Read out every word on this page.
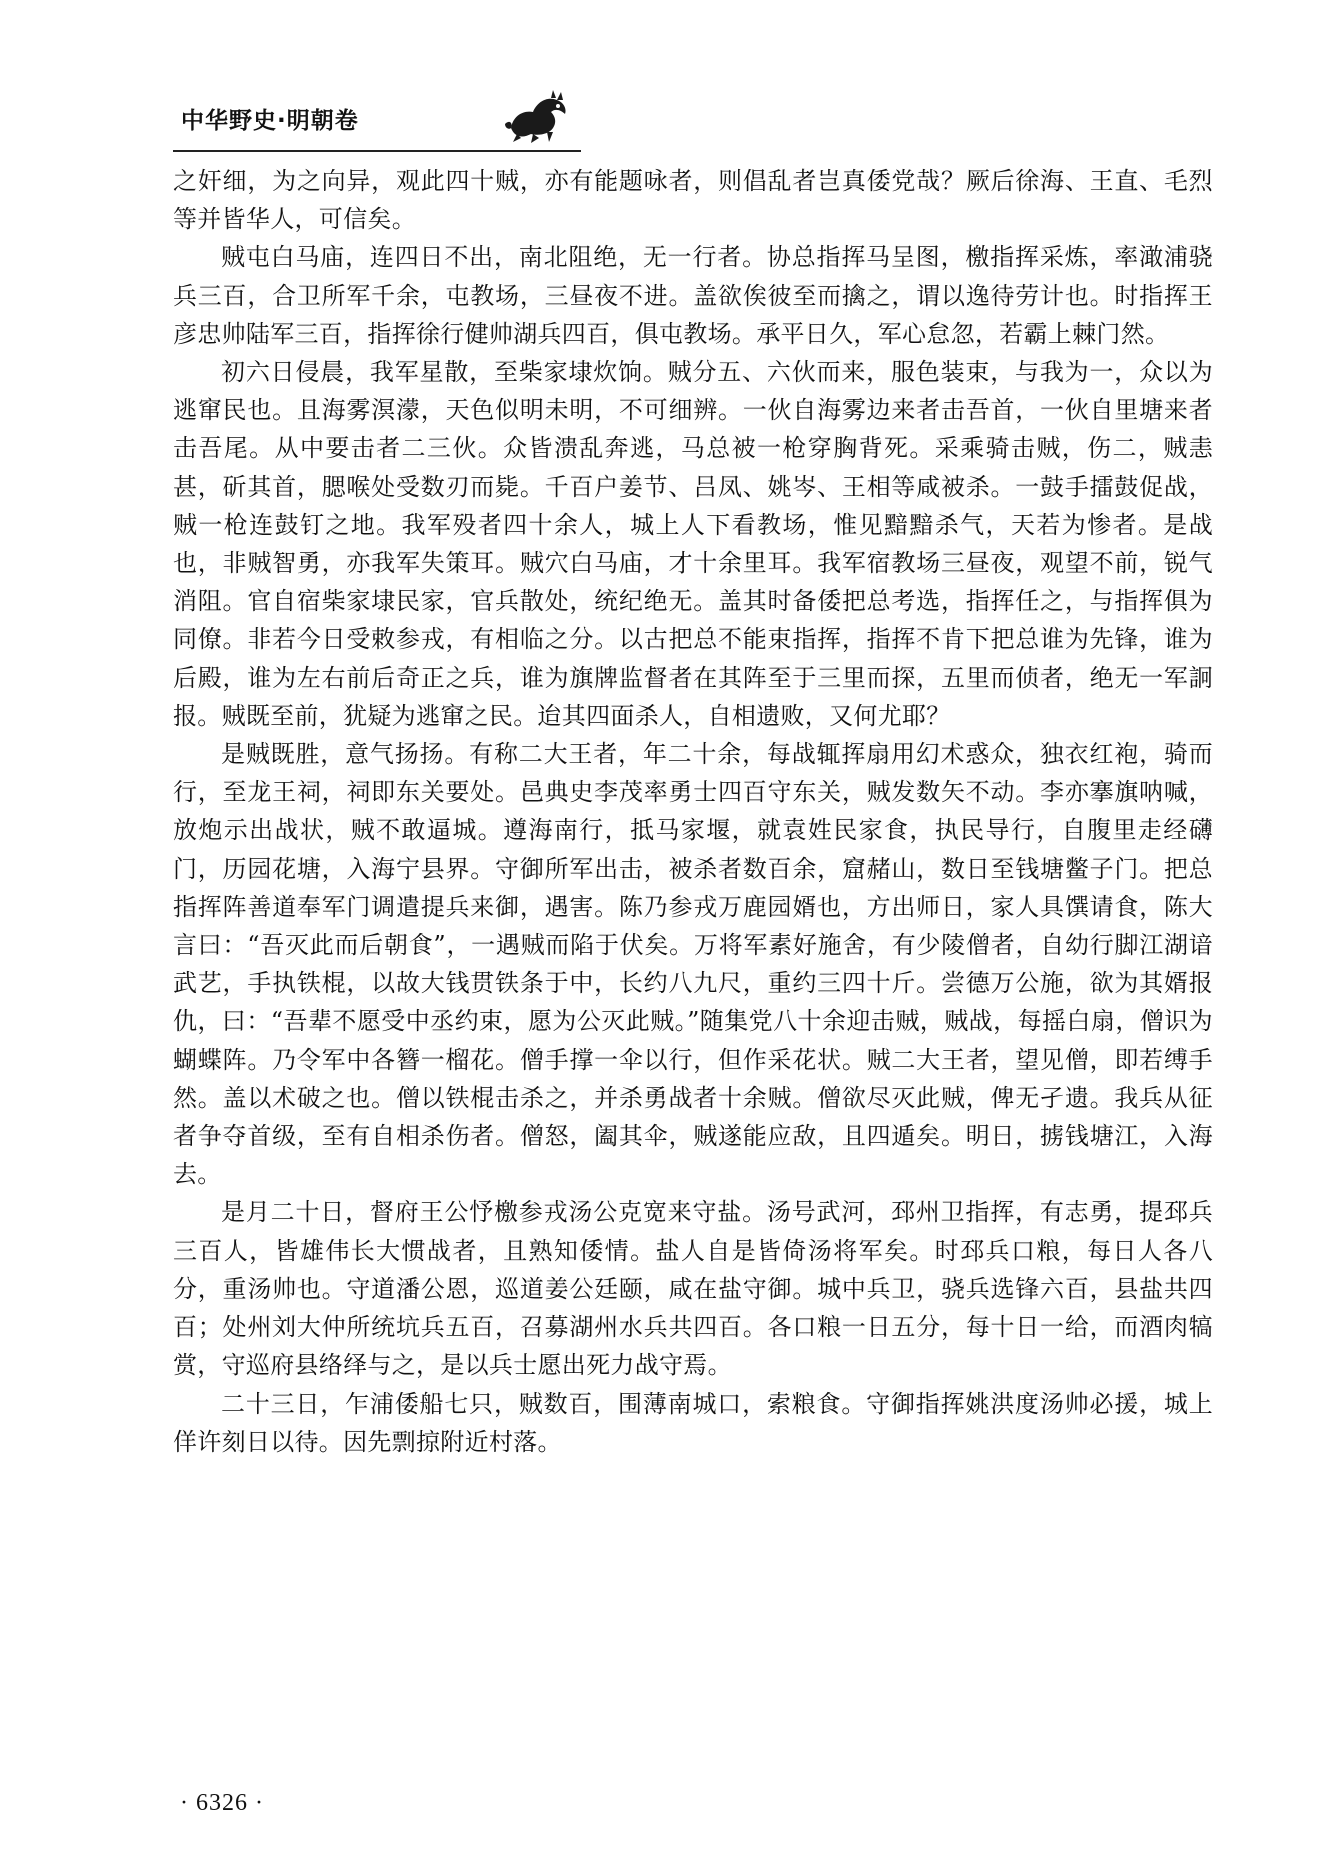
中华野史·明朝卷

之奸细，为之向异，观此四十贼，亦有能题咏者，则倡乱者岂真倭党哉？厥后徐海、王直、毛烈等并皆华人，可信矣。

贼屯白马庙，连四日不出，南北阻绝，无一行者。协总指挥马呈图，檄指挥采炼，率澉浦骁兵三百，合卫所军千余，屯教场，三昼夜不进。盖欲俟彼至而擒之，谓以逸待劳计也。时指挥王彦忠帅陆军三百，指挥徐行健帅湖兵四百，俱屯教场。承平日久，军心怠忽，若霸上棘门然。

初六日侵晨，我军星散，至柴家埭炊饷。贼分五、六伙而来，服色装束，与我为一，众以为逃窜民也。且海雾溟濛，天色似明未明，不可细辨。一伙自海雾边来者击吾首，一伙自里塘来者击吾尾。从中要击者二三伙。众皆溃乱奔逃，马总被一枪穿胸背死。采乘骑击贼，伤二，贼恚甚，斫其首，腮喉处受数刃而毙。千百户姜节、吕凤、姚岑、王相等咸被杀。一鼓手擂鼓促战，贼一枪连鼓钉之地。我军殁者四十余人，城上人下看教场，惟见黯黯杀气，天若为惨者。是战也，非贼智勇，亦我军失策耳。贼穴白马庙，才十余里耳。我军宿教场三昼夜，观望不前，锐气消阻。官自宿柴家埭民家，官兵散处，统纪绝无。盖其时备倭把总考选，指挥任之，与指挥俱为同僚。非若今日受敕参戎，有相临之分。以古把总不能束指挥，指挥不肯下把总谁为先锋，谁为后殿，谁为左右前后奇正之兵，谁为旗牌监督者在其阵至于三里而探，五里而侦者，绝无一军詗报。贼既至前，犹疑为逃窜之民。迨其四面杀人，自相遗败，又何尤耶？

是贼既胜，意气扬扬。有称二大王者，年二十余，每战辄挥扇用幻术惑众，独衣红袍，骑而行，至龙王祠，祠即东关要处。邑典史李茂率勇士四百守东关，贼发数矢不动。李亦搴旗呐喊，放炮示出战状，贼不敢逼城。遵海南行，抵马家堰，就袁姓民家食，执民导行，自腹里走经礴门，历园花塘，入海宁县界。守御所军出击，被杀者数百余，窟赭山，数日至钱塘鳖子门。把总指挥阵善道奉军门调遣提兵来御，遇害。陈乃参戎万鹿园婿也，方出师日，家人具馔请食，陈大言曰：“吾灭此而后朝食”，一遇贼而陷于伏矣。万将军素好施舍，有少陵僧者，自幼行脚江湖谙武艺，手执铁棍，以故大钱贯铁条于中，长约八九尺，重约三四十斤。尝德万公施，欲为其婿报仇，曰：“吾辈不愿受中丞约束，愿为公灭此贼。”随集党八十余迎击贼，贼战，每摇白扇，僧识为蝴蝶阵。乃令军中各簪一榴花。僧手撑一伞以行，但作采花状。贼二大王者，望见僧，即若缚手然。盖以术破之也。僧以铁棍击杀之，并杀勇战者十余贼。僧欲尽灭此贼，俾无孑遗。我兵从征者争夺首级，至有自相杀伤者。僧怒，阖其伞，贼遂能应敌，且四遁矣。明日，掳钱塘江，入海去。

是月二十日，督府王公忬檄参戎汤公克宽来守盐。汤号武河，邳州卫指挥，有志勇，提邳兵三百人，皆雄伟长大惯战者，且熟知倭情。盐人自是皆倚汤将军矣。时邳兵口粮，每日人各八分，重汤帅也。守道潘公恩，巡道姜公廷颐，咸在盐守御。城中兵卫，骁兵选锋六百，县盐共四百；处州刘大仲所统坑兵五百，召募湖州水兵共四百。各口粮一日五分，每十日一给，而酒肉犒赏，守巡府县络绎与之，是以兵士愿出死力战守焉。

二十三日，乍浦倭船七只，贼数百，围薄南城口，索粮食。守御指挥姚洪度汤帅必援，城上佯许刻日以待。因先剽掠附近村落。

· 6326 ·
